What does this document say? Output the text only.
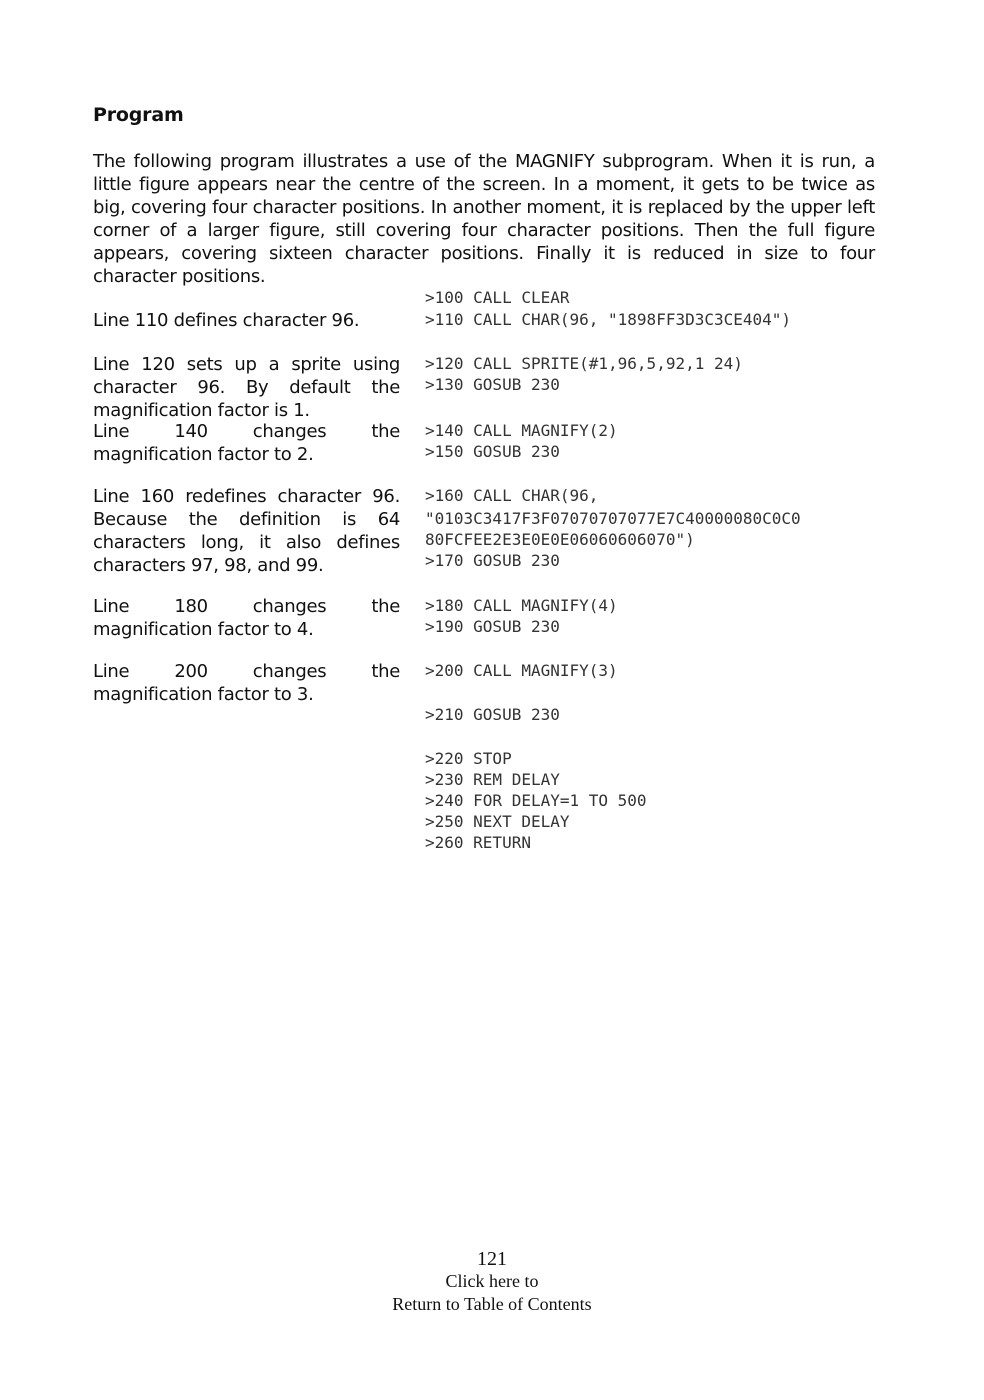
Program

The following program illustrates a use of the MAGNIFY subprogram. When it is run, a little figure appears near the centre of the screen. In a moment, it gets to be twice as big, covering four character positions. In another moment, it is replaced by the upper left corner of a larger figure, still covering four character positions. Then the full figure appears, covering sixteen character positions. Finally it is reduced in size to four character positions.

Line 110 defines character 96.

Line 120 sets up a sprite using character 96. By default the magnification factor is 1.

Line 140 changes the magnification factor to 2.

Line 160 redefines character 96. Because the definition is 64 characters long, it also defines characters 97, 98, and 99.

Line 180 changes the magnification factor to 4.

Line 200 changes the magnification factor to 3.

>100 CALL CLEAR
>110 CALL CHAR(96, "1898FF3D3C3CE404")
>120 CALL SPRITE(#1,96,5,92,1 24)
>130 GOSUB 230
>140 CALL MAGNIFY(2)
>150 GOSUB 230
>160 CALL CHAR(96,
"0103C3417F3F07070707077E7C40000080C0C0
80FCFEE2E3E0E0E06060606070")
>170 GOSUB 230
>180 CALL MAGNIFY(4)
>190 GOSUB 230
>200 CALL MAGNIFY(3)
>210 GOSUB 230
>220 STOP
>230 REM DELAY
>240 FOR DELAY=1 TO 500
>250 NEXT DELAY
>260 RETURN
121
Click here to
Return to Table of Contents
